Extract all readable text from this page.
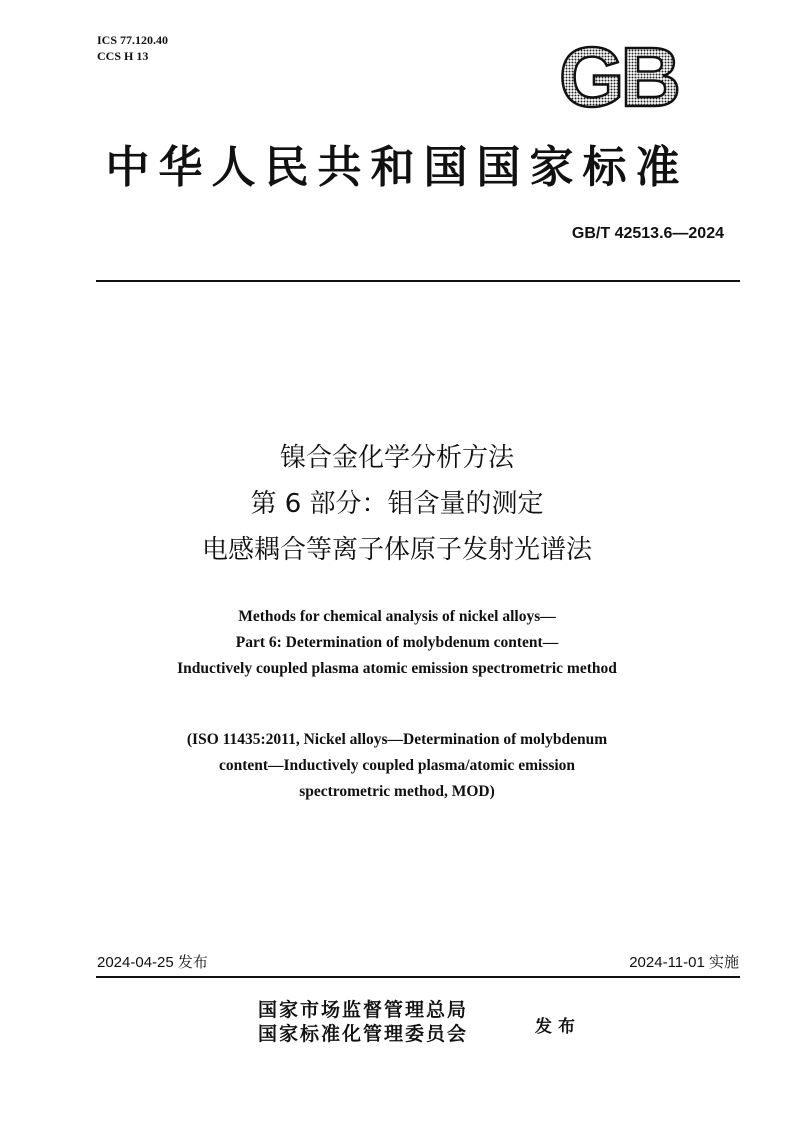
ICS 77.120.40
CCS H 13	GB
中华人民共和国国家标准
GB/T 42513.6—2024
镍合金化学分析方法
第 6 部分：钼含量的测定
电感耦合等离子体原子发射光谱法
Methods for chemical analysis of nickel alloys—
Part 6: Determination of molybdenum content—
Inductively coupled plasma atomic emission spectrometric method
(ISO 11435:2011, Nickel alloys—Determination of molybdenum
content—Inductively coupled plasma/atomic emission
spectrometric method, MOD)
2024-04-25 发布	2024-11-01 实施
国家市场监督管理总局
国家标准化管理委员会	发布
